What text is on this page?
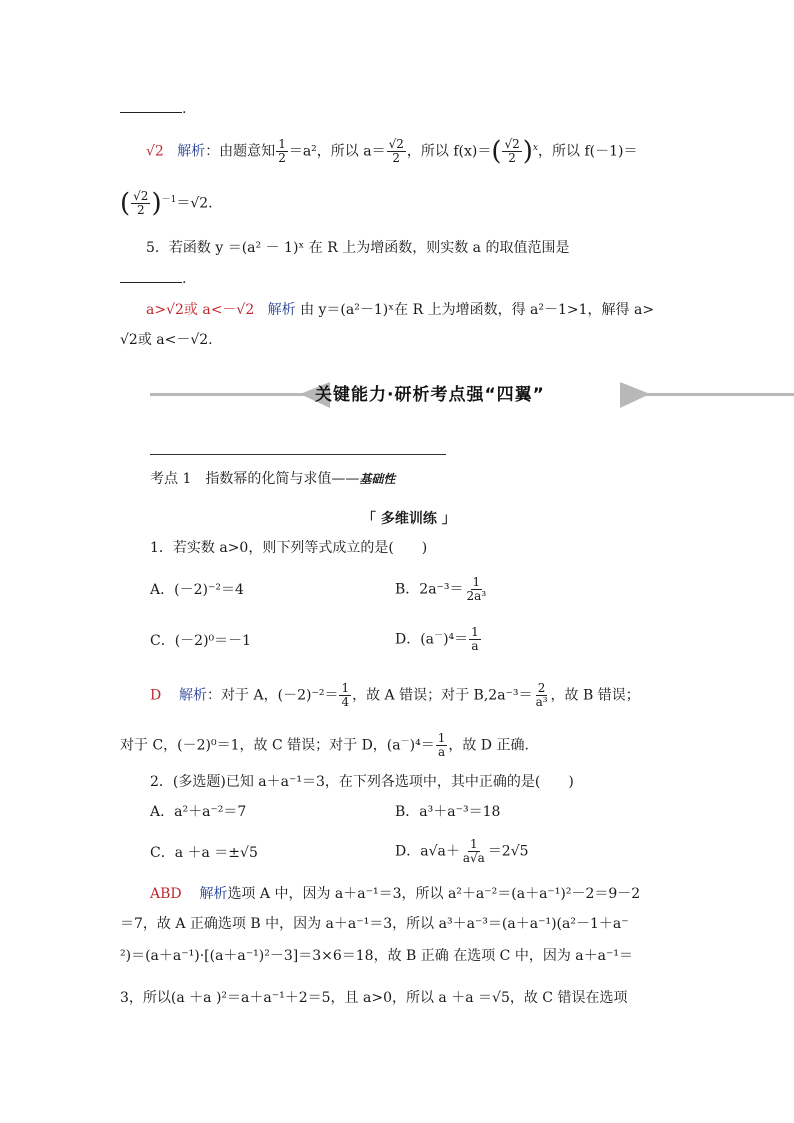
.
√2 解析：由题意知 $\frac{1}{2} =a^2$，所以 $a= \frac{√2}{2}$ ，所以 $f(x)=( \frac{√2}{2} )^x$，所以 f(－1)＝
( $\frac{√2}{2} )^{-1}=√2$.
5．若函数 y ＝(a² － 1)ˣ 在 R 上为增函数，则实数 a 的取值范围是
.
a>√2或 a<－√2 解析 由 y＝(a²－1)ˣ在 R 上为增函数，得 a²－1>1，解得 a>
√2或 a<－√2.
关键能力·研析考点强“四翼”
考点 1　指数幂的化简与求值——基础性
「 多维训练 」
1．若实数 a>0，则下列等式成立的是(　　)
A．(－2)⁻²＝4	B．$2a^{-3}= \frac{1}{\text{2a³}}$
C．(－2)⁰＝－1	D．$(a^-)^4= \frac{1}{a}$
D 解析：对于 A，$(-2)^{-2}= \frac{1}{4}$ ，故 A 错误；对于 $B,2a^{-3}= \frac{2}{\text{a³}}$ ，故 B 错误；
对于 C，(－2)⁰＝1，故 C 错误；对于 D，$(a^-)^4= \frac{1}{a}$ ，故 D 正确.
2．(多选题)已知 a＋a⁻¹＝3，在下列各选项中，其中正确的是(　　)
A．a²＋a⁻²＝7	B．a³＋a⁻³＝18
C．a ＋a ＝±√5	D．$a√a+ \frac{1}{a√a} =2√5$
ABD 解析选项 A 中，因为 a＋a⁻¹＝3，所以 a²＋a⁻²＝(a＋a⁻¹)²－2＝9－2
＝7，故 A 正确选项 B 中，因为 a＋a⁻¹＝3，所以 a³＋a⁻³＝(a＋a⁻¹)(a²－1＋a⁻
²)＝(a＋a⁻¹)·[(a＋a⁻¹)²－3]＝3×6＝18，故 B 正确 在选项 C 中，因为 a＋a⁻¹＝
3，所以(a ＋a )²＝a＋a⁻¹＋2＝5，且 a>0，所以 a ＋a ＝√5，故 C 错误在选项
